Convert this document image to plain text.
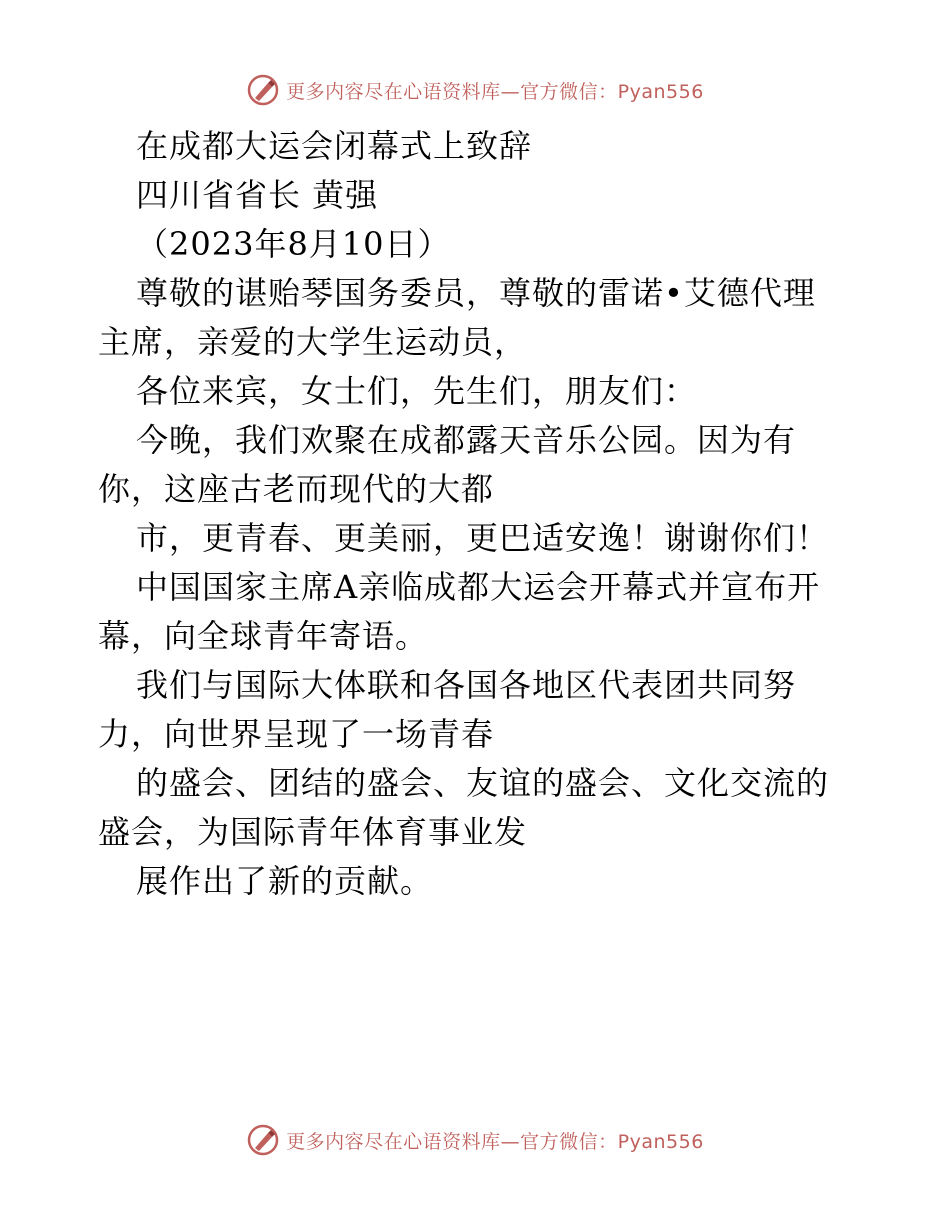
更多内容尽在心语资料库—官方微信：Pyan556
在成都大运会闭幕式上致辞
四川省省长 黄强
（2023年8月10日）
尊敬的谌贻琴国务委员，尊敬的雷诺•艾德代理
主席，亲爱的大学生运动员，
各位来宾，女士们，先生们，朋友们：
今晚，我们欢聚在成都露天音乐公园。因为有
你，这座古老而现代的大都
市，更青春、更美丽，更巴适安逸！谢谢你们！
中国国家主席A亲临成都大运会开幕式并宣布开
幕，向全球青年寄语。
我们与国际大体联和各国各地区代表团共同努
力，向世界呈现了一场青春
的盛会、团结的盛会、友谊的盛会、文化交流的
盛会，为国际青年体育事业发
展作出了新的贡献。
更多内容尽在心语资料库—官方微信：Pyan556
